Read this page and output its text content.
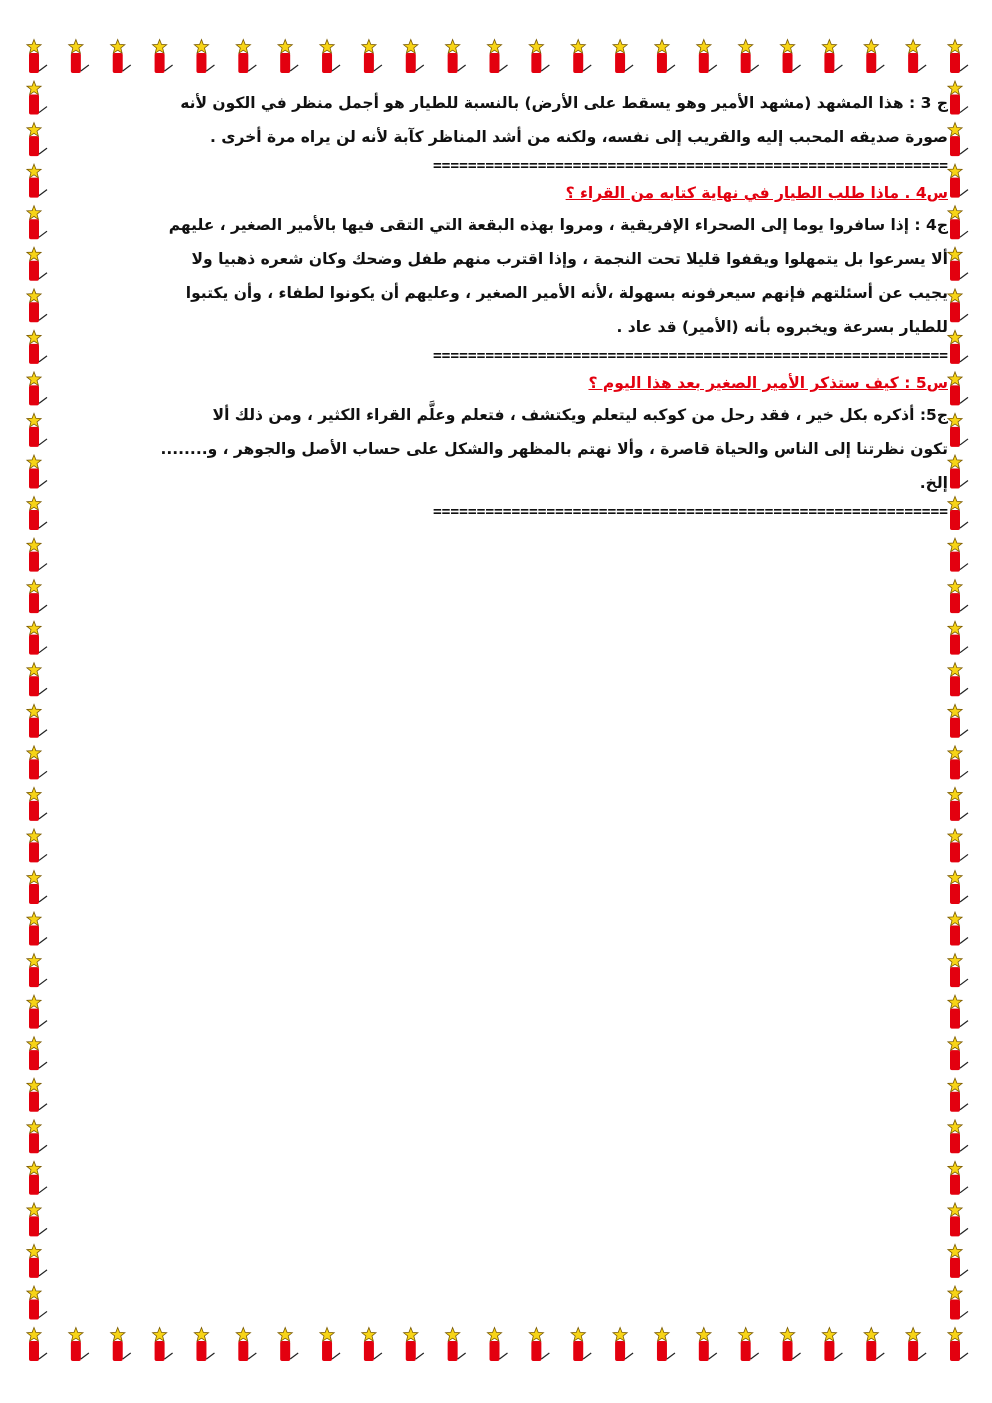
ج 3 : هذا المشهد (مشهد الأمير وهو يسقط على الأرض) بالنسبة للطيار هو أجمل منظر في الكون لأنه

صورة صديقه المحبب إليه والقريب إلى نفسه، ولكنه من أشد المناظر كآبة لأنه لن يراه مرة أخرى .

===========================================================

س4 . ماذا طلب الطيار في نهاية كتابه من القراء ؟

ج4 : إذا سافروا يوما إلى الصحراء الإفريقية ، ومروا بهذه البقعة التي التقى فيها بالأمير الصغير ، عليهم

ألا يسرعوا بل يتمهلوا ويقفوا قليلا تحت النجمة ، وإذا اقترب منهم طفل وضحك وكان شعره ذهبيا ولا

يجيب عن أسئلتهم فإنهم سيعرفونه بسهولة ،لأنه الأمير الصغير ، وعليهم أن يكونوا لطفاء ، وأن يكتبوا

للطيار بسرعة ويخبروه بأنه (الأمير) قد عاد .

===========================================================

س5 : كيف ستذكر الأمير الصغير بعد هذا اليوم ؟

ج5: أذكره بكل خير ، فقد رحل من كوكبه ليتعلم ويكتشف ، فتعلم وعلَّم القراء الكثير ، ومن ذلك ألا

تكون نظرتنا إلى الناس والحياة قاصرة ، وألا نهتم بالمظهر والشكل على حساب الأصل والجوهر ، و........

إلخ.

===========================================================
